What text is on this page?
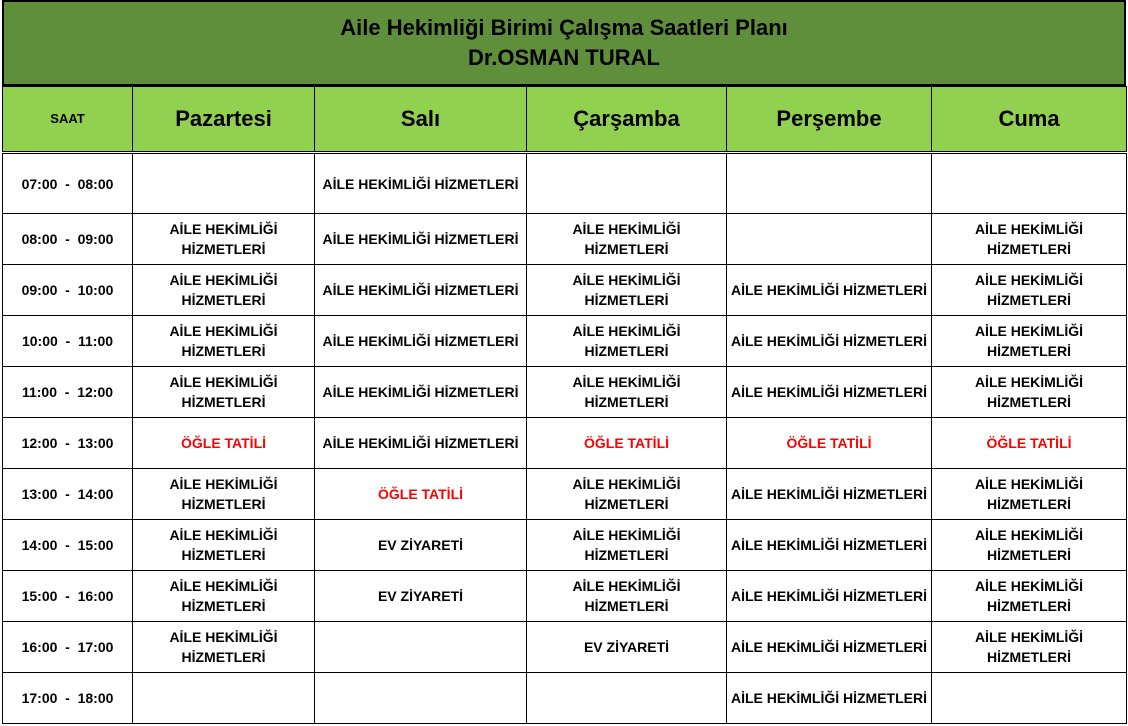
Aile Hekimliği Birimi Çalışma Saatleri Planı
Dr.OSMAN TURAL
SAAT	Pazartesi	Salı	Çarşamba	Perşembe	Cuma

07:00  -  08:00		AİLE HEKİMLİĞİ HİZMETLERİ			
08:00  -  09:00	AİLE HEKİMLİĞİ HİZMETLERİ	AİLE HEKİMLİĞİ HİZMETLERİ	AİLE HEKİMLİĞİ HİZMETLERİ		AİLE HEKİMLİĞİ HİZMETLERİ
09:00  -  10:00	AİLE HEKİMLİĞİ HİZMETLERİ	AİLE HEKİMLİĞİ HİZMETLERİ	AİLE HEKİMLİĞİ HİZMETLERİ	AİLE HEKİMLİĞİ HİZMETLERİ	AİLE HEKİMLİĞİ HİZMETLERİ
10:00  -  11:00	AİLE HEKİMLİĞİ HİZMETLERİ	AİLE HEKİMLİĞİ HİZMETLERİ	AİLE HEKİMLİĞİ HİZMETLERİ	AİLE HEKİMLİĞİ HİZMETLERİ	AİLE HEKİMLİĞİ HİZMETLERİ
11:00  -  12:00	AİLE HEKİMLİĞİ HİZMETLERİ	AİLE HEKİMLİĞİ HİZMETLERİ	AİLE HEKİMLİĞİ HİZMETLERİ	AİLE HEKİMLİĞİ HİZMETLERİ	AİLE HEKİMLİĞİ HİZMETLERİ
12:00  -  13:00	ÖĞLE TATİLİ	AİLE HEKİMLİĞİ HİZMETLERİ	ÖĞLE TATİLİ	ÖĞLE TATİLİ	ÖĞLE TATİLİ
13:00  -  14:00	AİLE HEKİMLİĞİ HİZMETLERİ	ÖĞLE TATİLİ	AİLE HEKİMLİĞİ HİZMETLERİ	AİLE HEKİMLİĞİ HİZMETLERİ	AİLE HEKİMLİĞİ HİZMETLERİ
14:00  -  15:00	AİLE HEKİMLİĞİ HİZMETLERİ	EV ZİYARETİ	AİLE HEKİMLİĞİ HİZMETLERİ	AİLE HEKİMLİĞİ HİZMETLERİ	AİLE HEKİMLİĞİ HİZMETLERİ
15:00  -  16:00	AİLE HEKİMLİĞİ HİZMETLERİ	EV ZİYARETİ	AİLE HEKİMLİĞİ HİZMETLERİ	AİLE HEKİMLİĞİ HİZMETLERİ	AİLE HEKİMLİĞİ HİZMETLERİ
16:00  -  17:00	AİLE HEKİMLİĞİ HİZMETLERİ		EV ZİYARETİ	AİLE HEKİMLİĞİ HİZMETLERİ	AİLE HEKİMLİĞİ HİZMETLERİ
17:00  -  18:00				AİLE HEKİMLİĞİ HİZMETLERİ	
